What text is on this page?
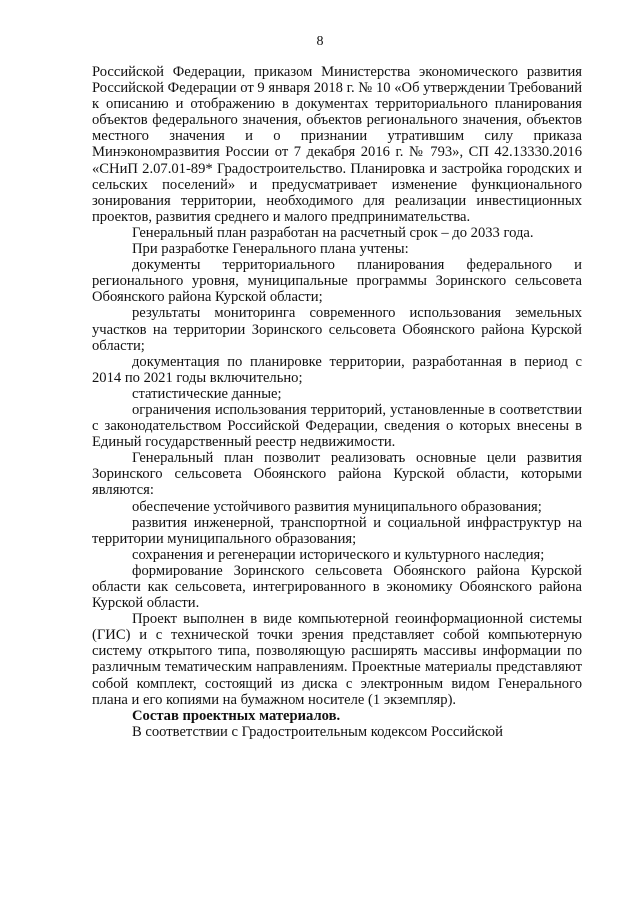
8

Российской Федерации, приказом Министерства экономического развития Российской Федерации от 9 января 2018 г. № 10 «Об утверждении Требований к описанию и отображению в документах территориального планирования объектов федерального значения, объектов регионального значения, объектов местного значения и о признании утратившим силу приказа Минэкономразвития России от 7 декабря 2016 г. № 793», СП 42.13330.2016 «СНиП 2.07.01-89* Градостроительство. Планировка и застройка городских и сельских поселений» и предусматривает изменение функционального зонирования территории, необходимого для реализации инвестиционных проектов, развития среднего и малого предпринимательства.

Генеральный план разработан на расчетный срок – до 2033 года.

При разработке Генерального плана учтены:

документы территориального планирования федерального и регионального уровня, муниципальные программы Зоринского сельсовета Обоянского района Курской области;

результаты мониторинга современного использования земельных участков на территории Зоринского сельсовета Обоянского района Курской области;

документация по планировке территории, разработанная в период с 2014 по 2021 годы включительно;

статистические данные;

ограничения использования территорий, установленные в соответствии с законодательством Российской Федерации, сведения о которых внесены в Единый государственный реестр недвижимости.

Генеральный план позволит реализовать основные цели развития Зоринского сельсовета Обоянского района Курской области, которыми являются:

обеспечение устойчивого развития муниципального образования;

развития инженерной, транспортной и социальной инфраструктур на территории муниципального образования;

сохранения и регенерации исторического и культурного наследия;

формирование Зоринского сельсовета Обоянского района Курской области как сельсовета, интегрированного в экономику Обоянского района Курской области.

Проект выполнен в виде компьютерной геоинформационной системы (ГИС) и с технической точки зрения представляет собой компьютерную систему открытого типа, позволяющую расширять массивы информации по различным тематическим направлениям. Проектные материалы представляют собой комплект, состоящий из диска с электронным видом Генерального плана и его копиями на бумажном носителе (1 экземпляр).

Состав проектных материалов.

В соответствии с Градостроительным кодексом Российской
